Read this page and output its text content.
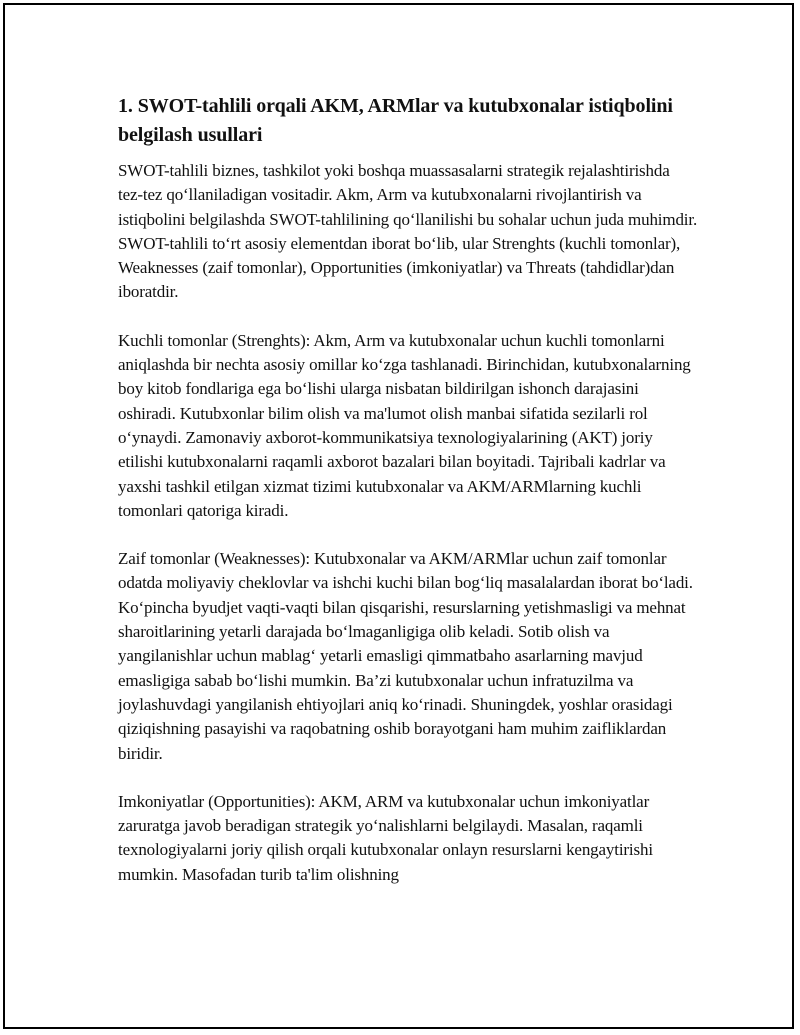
1. SWOT-tahlili orqali AKM, ARMlar va kutubxonalar istiqbolini belgilash usullari

SWOT-tahlili biznes, tashkilot yoki boshqa muassasalarni strategik rejalashtirishda tez-tez qo‘llaniladigan vositadir. Akm, Arm va kutubxonalarni rivojlantirish va istiqbolini belgilashda SWOT-tahlilining qo‘llanilishi bu sohalar uchun juda muhimdir. SWOT-tahlili to‘rt asosiy elementdan iborat bo‘lib, ular Strenghts (kuchli tomonlar), Weaknesses (zaif tomonlar), Opportunities (imkoniyatlar) va Threats (tahdidlar)dan iboratdir.

Kuchli tomonlar (Strenghts): Akm, Arm va kutubxonalar uchun kuchli tomonlarni aniqlashda bir nechta asosiy omillar ko‘zga tashlanadi. Birinchidan, kutubxonalarning boy kitob fondlariga ega bo‘lishi ularga nisbatan bildirilgan ishonch darajasini oshiradi. Kutubxonlar bilim olish va ma'lumot olish manbai sifatida sezilarli rol o‘ynaydi. Zamonaviy axborot-kommunikatsiya texnologiyalarining (AKT) joriy etilishi kutubxonalarni raqamli axborot bazalari bilan boyitadi. Tajribali kadrlar va yaxshi tashkil etilgan xizmat tizimi kutubxonalar va AKM/ARMlarning kuchli tomonlari qatoriga kiradi.

Zaif tomonlar (Weaknesses): Kutubxonalar va AKM/ARMlar uchun zaif tomonlar odatda moliyaviy cheklovlar va ishchi kuchi bilan bog‘liq masalalardan iborat bo‘ladi. Ko‘pincha byudjet vaqti-vaqti bilan qisqarishi, resurslarning yetishmasligi va mehnat sharoitlarining yetarli darajada bo‘lmaganligiga olib keladi. Sotib olish va yangilanishlar uchun mablag‘ yetarli emasligi qimmatbaho asarlarning mavjud emasligiga sabab bo‘lishi mumkin. Ba’zi kutubxonalar uchun infratuzilma va joylashuvdagi yangilanish ehtiyojlari aniq ko‘rinadi. Shuningdek, yoshlar orasidagi qiziqishning pasayishi va raqobatning oshib borayotgani ham muhim zaifliklardan biridir.

Imkoniyatlar (Opportunities): AKM, ARM va kutubxonalar uchun imkoniyatlar zaruratga javob beradigan strategik yo‘nalishlarni belgilaydi. Masalan, raqamli texnologiyalarni joriy qilish orqali kutubxonalar onlayn resurslarni kengaytirishi mumkin. Masofadan turib ta'lim olishning
